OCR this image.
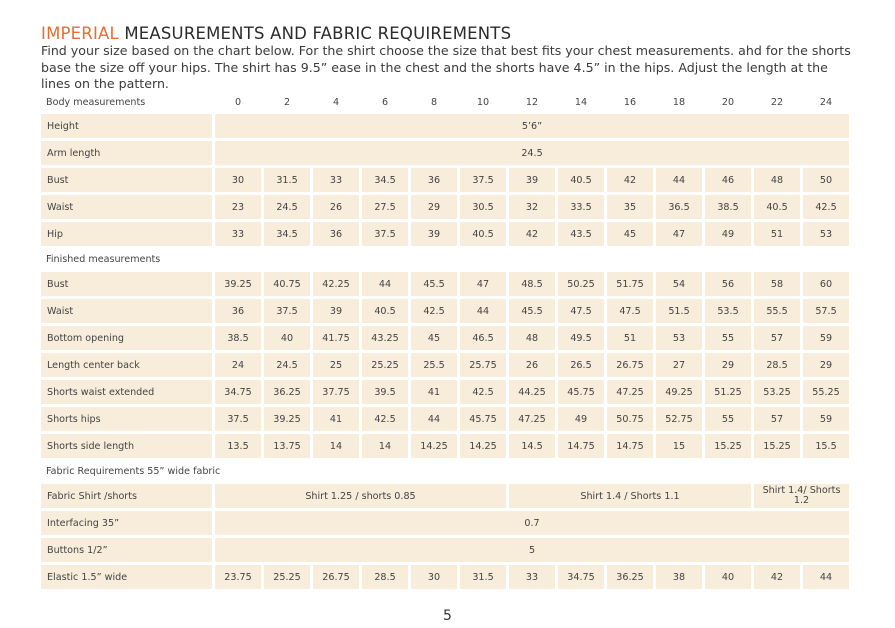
IMPERIAL MEASUREMENTS AND FABRIC REQUIREMENTS
Find your size based on the chart below. For the shirt choose the size that best fits your chest measurements. ahd for the shorts base the size off your hips. The shirt has 9.5” ease in the chest and the shorts have 4.5” in the hips. Adjust the length at the lines on the pattern.
Body measurements	0	2	4	6	8	10	12	14	16	18	20	22	24
Height	5’6”												
Arm length	24.5												
Bust	30	31.5	33	34.5	36	37.5	39	40.5	42	44	46	48	50
Waist	23	24.5	26	27.5	29	30.5	32	33.5	35	36.5	38.5	40.5	42.5
Hip	33	34.5	36	37.5	39	40.5	42	43.5	45	47	49	51	53
Finished measurements													
Bust	39.25	40.75	42.25	44	45.5	47	48.5	50.25	51.75	54	56	58	60
Waist	36	37.5	39	40.5	42.5	44	45.5	47.5	47.5	51.5	53.5	55.5	57.5
Bottom opening	38.5	40	41.75	43.25	45	46.5	48	49.5	51	53	55	57	59
Length center back	24	24.5	25	25.25	25.5	25.75	26	26.5	26.75	27	29	28.5	29
Shorts waist extended	34.75	36.25	37.75	39.5	41	42.5	44.25	45.75	47.25	49.25	51.25	53.25	55.25
Shorts hips	37.5	39.25	41	42.5	44	45.75	47.25	49	50.75	52.75	55	57	59
Shorts side length	13.5	13.75	14	14	14.25	14.25	14.5	14.75	14.75	15	15.25	15.25	15.5
Fabric Requirements 55” wide fabric													
Fabric Shirt /shorts	Shirt 1.25 / shorts 0.85						Shirt 1.4 / Shorts 1.1					Shirt 1.4/ Shorts 1.2	
Interfacing 35”	0.7												
Buttons 1/2”	5												
Elastic 1.5” wide	23.75	25.25	26.75	28.5	30	31.5	33	34.75	36.25	38	40	42	44
5
